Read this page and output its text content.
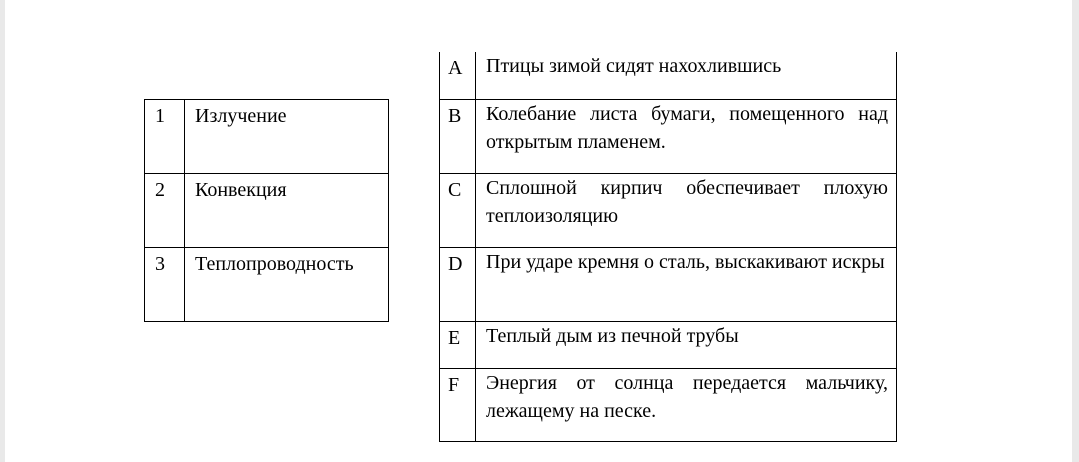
1	Излучение
2	Конвекция
3	Теплопроводность
A	Птицы зимой сидят нахохлившись
B	Колебание листа бумаги, помещенного над открытым пламенем.
C	Сплошной кирпич обеспечивает плохую теплоизоляцию
D	При ударе кремня о сталь, выскакивают искры
E	Теплый дым из печной трубы
F	Энергия от солнца передается мальчику, лежащему на песке.
